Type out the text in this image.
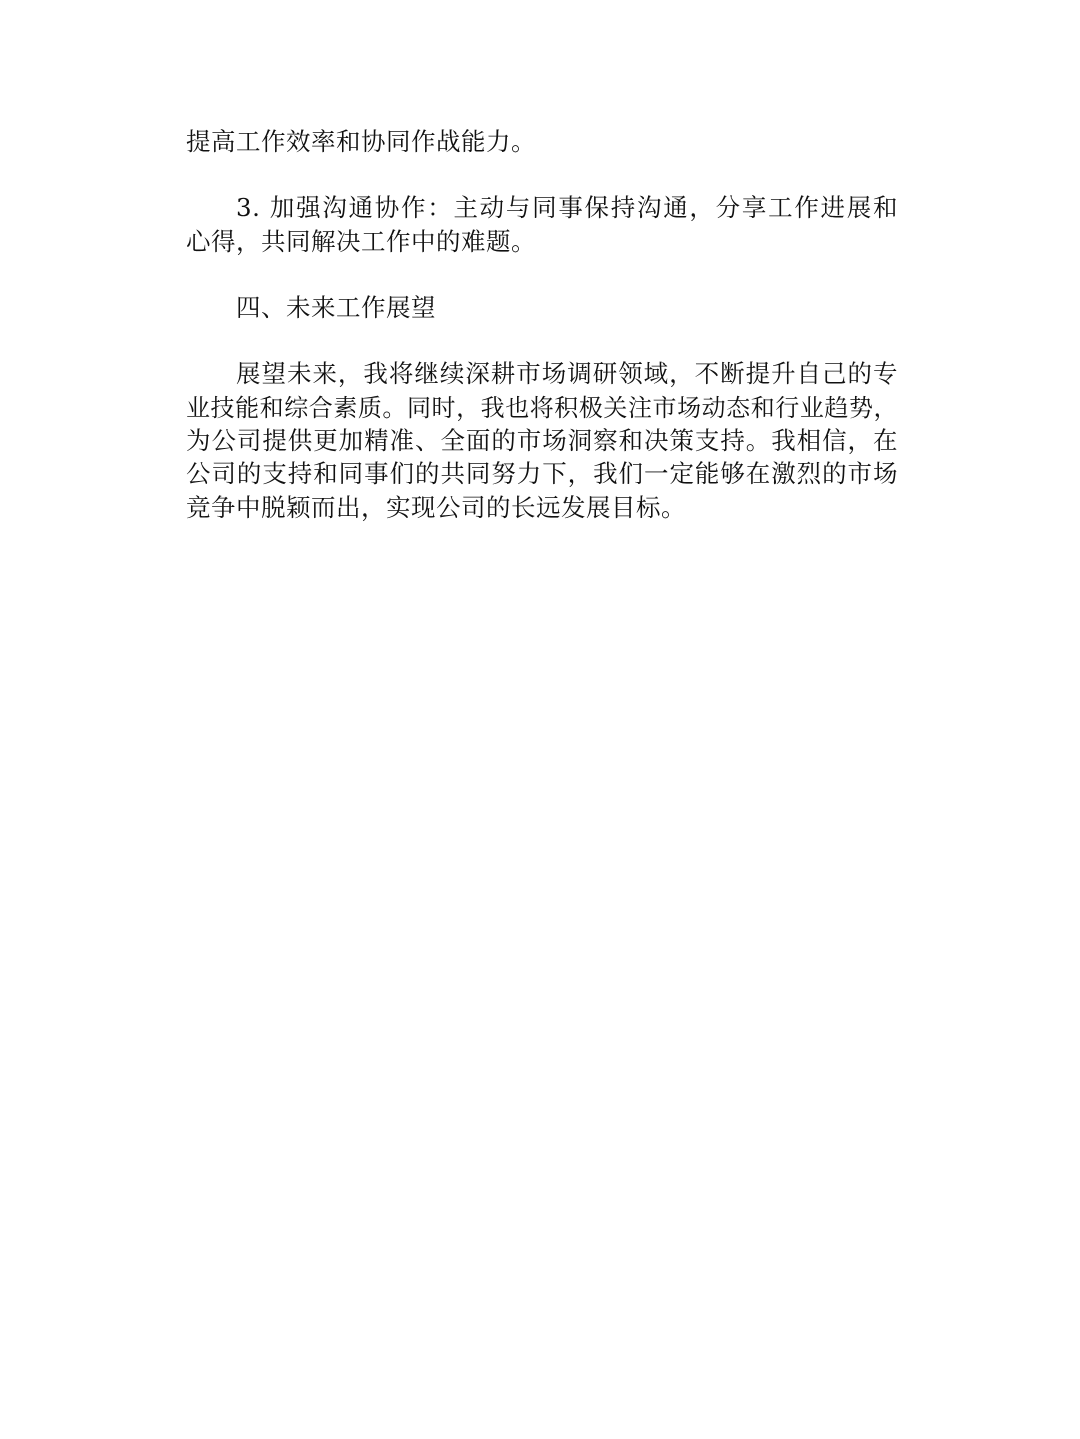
提高工作效率和协同作战能力。
3. 加强沟通协作：主动与同事保持沟通，分享工作进展和
心得，共同解决工作中的难题。
四、未来工作展望
展望未来，我将继续深耕市场调研领域，不断提升自己的专
业技能和综合素质。同时，我也将积极关注市场动态和行业趋势，
为公司提供更加精准、全面的市场洞察和决策支持。我相信，在
公司的支持和同事们的共同努力下，我们一定能够在激烈的市场
竞争中脱颖而出，实现公司的长远发展目标。
